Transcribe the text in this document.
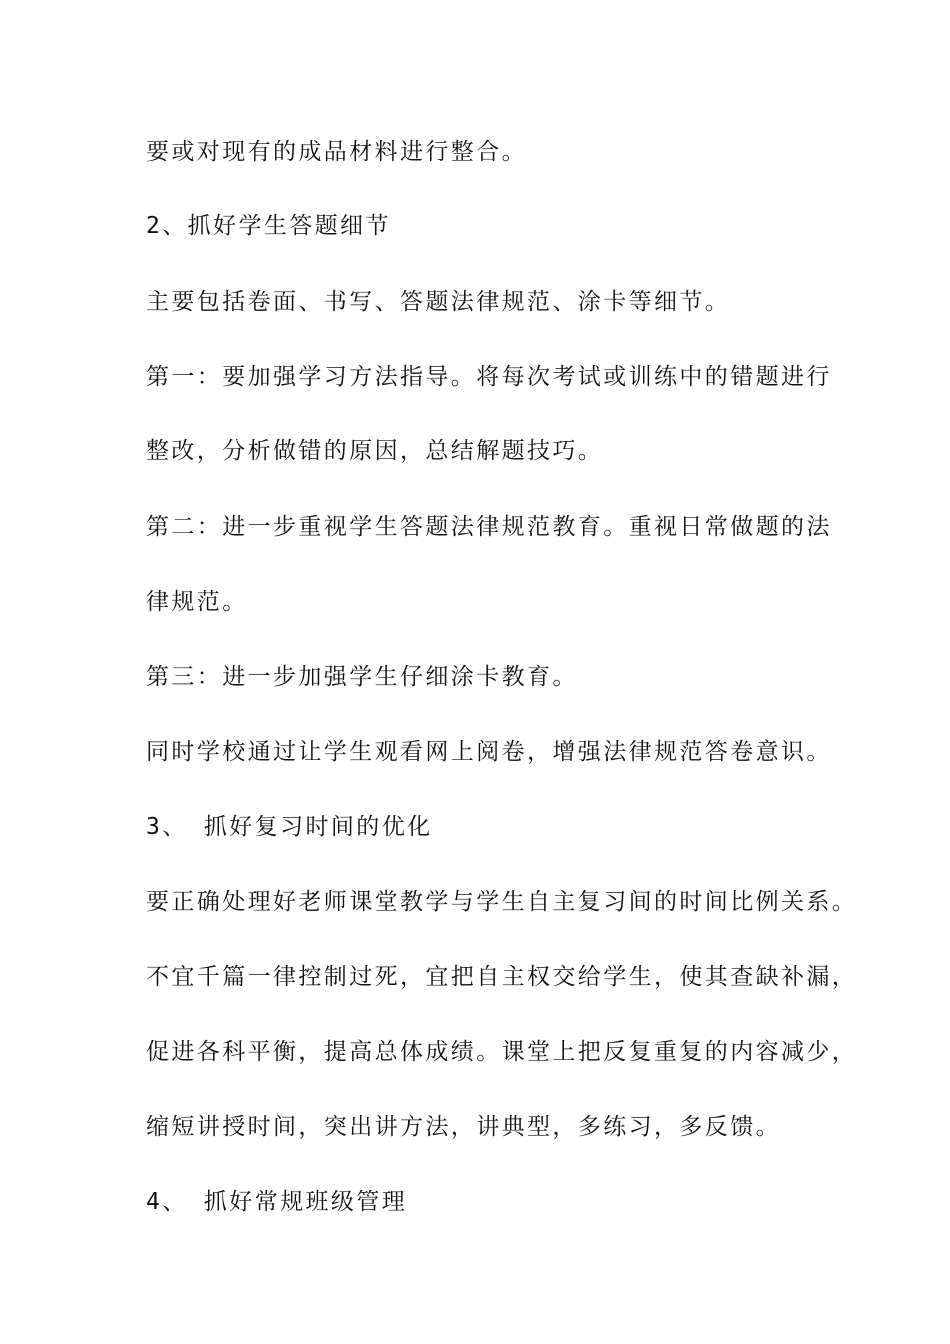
要或对现有的成品材料进行整合。

2、抓好学生答题细节

主要包括卷面、书写、答题法律规范、涂卡等细节。

第一：要加强学习方法指导。将每次考试或训练中的错题进行

整改，分析做错的原因，总结解题技巧。

第二：进一步重视学生答题法律规范教育。重视日常做题的法

律规范。

第三：进一步加强学生仔细涂卡教育。

同时学校通过让学生观看网上阅卷，增强法律规范答卷意识。

3、 抓好复习时间的优化

要正确处理好老师课堂教学与学生自主复习间的时间比例关系。

不宜千篇一律控制过死，宜把自主权交给学生，使其查缺补漏，

促进各科平衡，提高总体成绩。课堂上把反复重复的内容减少，

缩短讲授时间，突出讲方法，讲典型，多练习，多反馈。

4、 抓好常规班级管理
